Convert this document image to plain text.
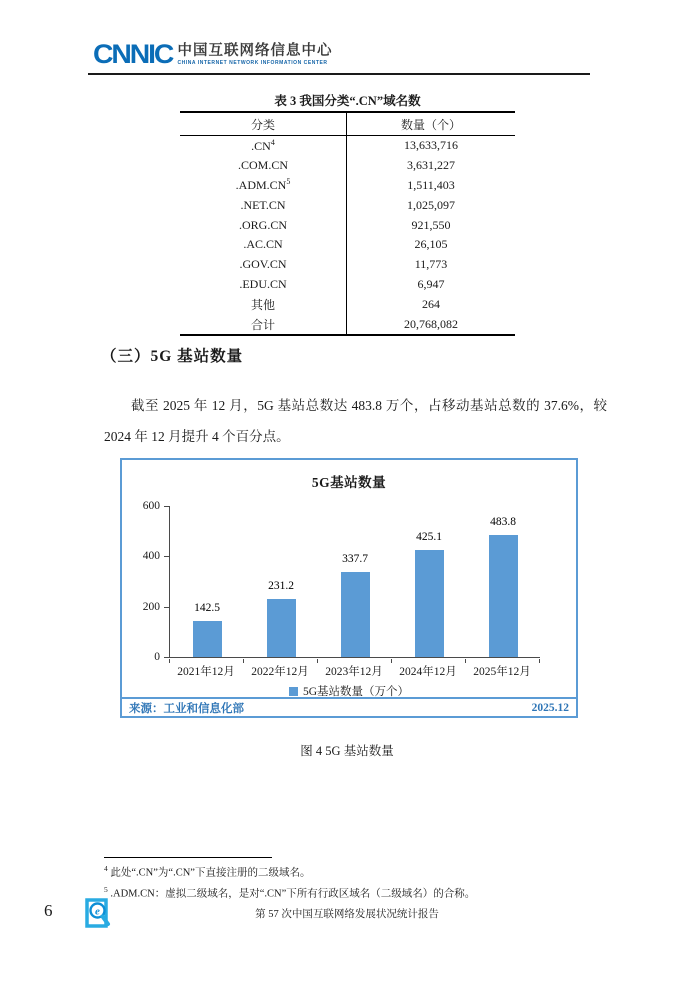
CNNIC 中国互联网络信息中心
CHINA INTERNET NETWORK INFORMATION CENTER
表 3 我国分类“.CN”域名数
分类	数量（个）
$.CN^4$	13,633,716
.COM.CN	3,631,227
$.ADM.CN^5$	1,511,403
.NET.CN	1,025,097
.ORG.CN	921,550
.AC.CN	26,105
.GOV.CN	11,773
.EDU.CN	6,947
其他	264
合计	20,768,082
（三）5G 基站数量

截至 2025 年 12 月，5G 基站总数达 483.8 万个，占移动基站总数的 37.6%，较 2024 年 12 月提升 4 个百分点。

5G基站数量
142.5
231.2
337.7
425.1
483.8
2021年12月	2022年12月	2023年12月	2024年12月	2025年12月
5G基站数量（万个）
来源：工业和信息化部	2025.12
0
200
400
600
图 4 5G 基站数量
$^4$ 此处“.CN”为“.CN”下直接注册的二级域名。
$^5$ .ADM.CN：虚拟二级域名，是对“.CN”下所有行政区域名（二级域名）的合称。
6	e	第 57 次中国互联网络发展状况统计报告
